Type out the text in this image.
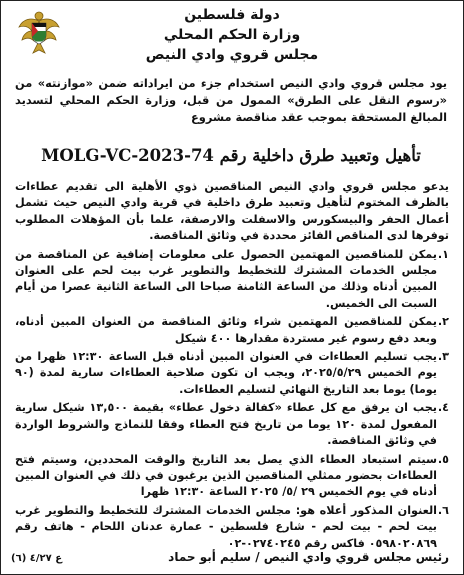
دولة فلسطين
وزارة الحكم المحلي
مجلس قروي وادي النيص
يود مجلس قروي وادي النيص استخدام جزء من ايراداته ضمن «موازنته» من «رسوم النقل على الطرق» الممول من قبل، وزارة الحكم المحلي لتسديد المبالغ المستحقة بموجب عقد مناقصة مشروع
تأهيل وتعبيد طرق داخلية رقم MOLG-VC-2023-74

يدعو مجلس قروي وادي النيص المناقصين ذوي الأهلية الى تقديم عطاءات بالظرف المختوم لتأهيل وتعبيد طرق داخلية في قرية وادي النيص حيث تشمل أعمال الحفر والبيسكورس والاسفلت والارصفة، علما بأن المؤهلات المطلوب توفرها لدى المناقص الفائز محددة في وثائق المناقصة.

١.
يمكن للمناقصين المهتمين الحصول على معلومات إضافية عن المناقصة من مجلس الخدمات المشترك للتخطيط والتطوير غرب بيت لحم على العنوان المبين أدناه وذلك من الساعة الثامنة صباحا الى الساعة الثانية عصرا من أيام السبت الى الخميس.
٢.
يمكن للمناقصين المهتمين شراء وثائق المناقصة من العنوان المبين أدناه، وبعد دفع رسوم غير مستردة مقدارها ٤٠٠ شيكل
٣.
يجب تسليم العطاءات في العنوان المبين أدناه قبل الساعة ١٢:٣٠ ظهرا من يوم الخميس ٢٠٢٥/٥/٢٩، ويجب ان تكون صلاحية العطاءات سارية لمدة (٩٠ يوما) يوما بعد التاريخ النهائي لتسليم العطاءات.
٤.
يجب ان يرفق مع كل عطاء «كفالة دخول عطاء» بقيمة ١٣,٥٠٠ شيكل سارية المفعول لمدة ١٢٠ يوما من تاريخ فتح العطاء وفقا للنماذج والشروط الواردة في وثائق المناقصة.
٥.
سيتم استبعاد العطاء الذي يصل بعد التاريخ والوقت المحددين، وسيتم فتح العطاءات بحضور ممثلي المناقصين الذين يرغبون في ذلك في العنوان المبين أدناه في يوم الخميس ٢٩ /٥/ ٢٠٢٥ الساعة ١٢:٣٠ ظهرا
٦.
العنوان المذكور أعلاه هو: مجلس الخدمات المشترك للتخطيط والتطوير غرب بيت لحم - بيت لحم - شارع فلسطين - عمارة عدنان اللحام - هاتف رقم ٠٥٩٨٠٢٠٨٦٩ فاكس رقم ٠٢٧٤٠٢٤٥-٠٢
رئيس مجلس قروي وادي النيص / سليم أبو حماد
ع ٤/٢٧ (٦)
